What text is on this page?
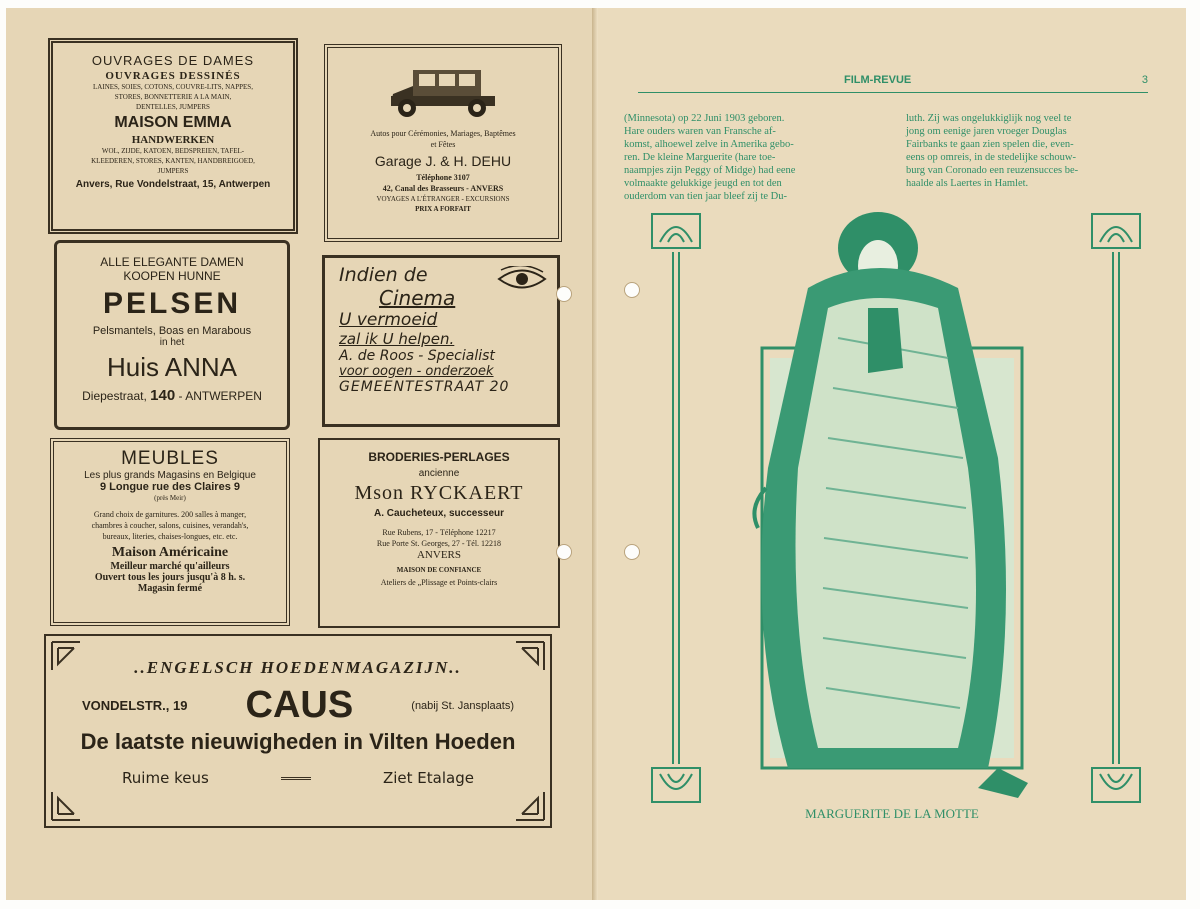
OUVRAGES DE DAMES
OUVRAGES DESSINÉS
LAINES, SOIES, COTONS, COUVRE-LITS, NAPPES,
STORES, BONNETTERIE A LA MAIN,
DENTELLES, JUMPERS
MAISON EMMA
HANDWERKEN
WOL, ZIJDE, KATOEN, BEDSPREIEN, TAFEL-
KLEEDEREN, STORES, KANTEN, HANDBREIGOED,
JUMPERS
Anvers, Rue Vondelstraat, 15, Antwerpen
Autos pour Cérémonies, Mariages, Baptêmes
et Fêtes
Garage J. & H. DEHU
Téléphone 3107
42, Canal des Brasseurs - ANVERS
VOYAGES A L'ÉTRANGER - EXCURSIONS
PRIX A FORFAIT
ALLE ELEGANTE DAMEN
KOOPEN HUNNE
PELSEN
Pelsmantels, Boas en Marabous
in het
Huis ANNA
Diepestraat, 140 - ANTWERPEN
Indien de
Cinema
U vermoeid
zal ik U helpen.
A. de Roos - Specialist
voor oogen - onderzoek
GEMEENTESTRAAT 20
MEUBLES
Les plus grands Magasins en Belgique
9 Longue rue des Claires 9
(près Meir)
Grand choix de garnitures. 200 salles à manger,
chambres à coucher, salons, cuisines, verandah's,
bureaux, literies, chaises-longues, etc. etc.
Maison Américaine
Meilleur marché qu'ailleurs
Ouvert tous les jours jusqu'à 8 h. s.
Magasin fermé
BRODERIES-PERLAGES
ancienne
Mson RYCKAERT
A. Caucheteux, successeur
Rue Rubens, 17 - Téléphone 12217
Rue Porte St. Georges, 27 - Tél. 12218
ANVERS
MAISON DE CONFIANCE
Ateliers de „Plissage et Points-clairs
..ENGELSCH HOEDENMAGAZIJN..
VONDELSTR., 19 CAUS	(nabij St. Jansplaats)
De laatste nieuwigheden in Vilten Hoeden
Ruime keus	Ziet Etalage
FILM-REVUE	3
(Minnesota) op 22 Juni 1903 geboren.
Hare ouders waren van Fransche af-
komst, alhoewel zelve in Amerika gebo-
ren. De kleine Marguerite (hare toe-
naampjes zijn Peggy of Midge) had eene
volmaakte gelukkige jeugd en tot den
ouderdom van tien jaar bleef zij te Du-
luth. Zij was ongelukkiglijk nog veel te
jong om eenige jaren vroeger Douglas
Fairbanks te gaan zien spelen die, even-
eens op omreis, in de stedelijke schouw-
burg van Coronado een reuzensucces be-
haalde als Laertes in Hamlet.
MARGUERITE DE LA MOTTE
